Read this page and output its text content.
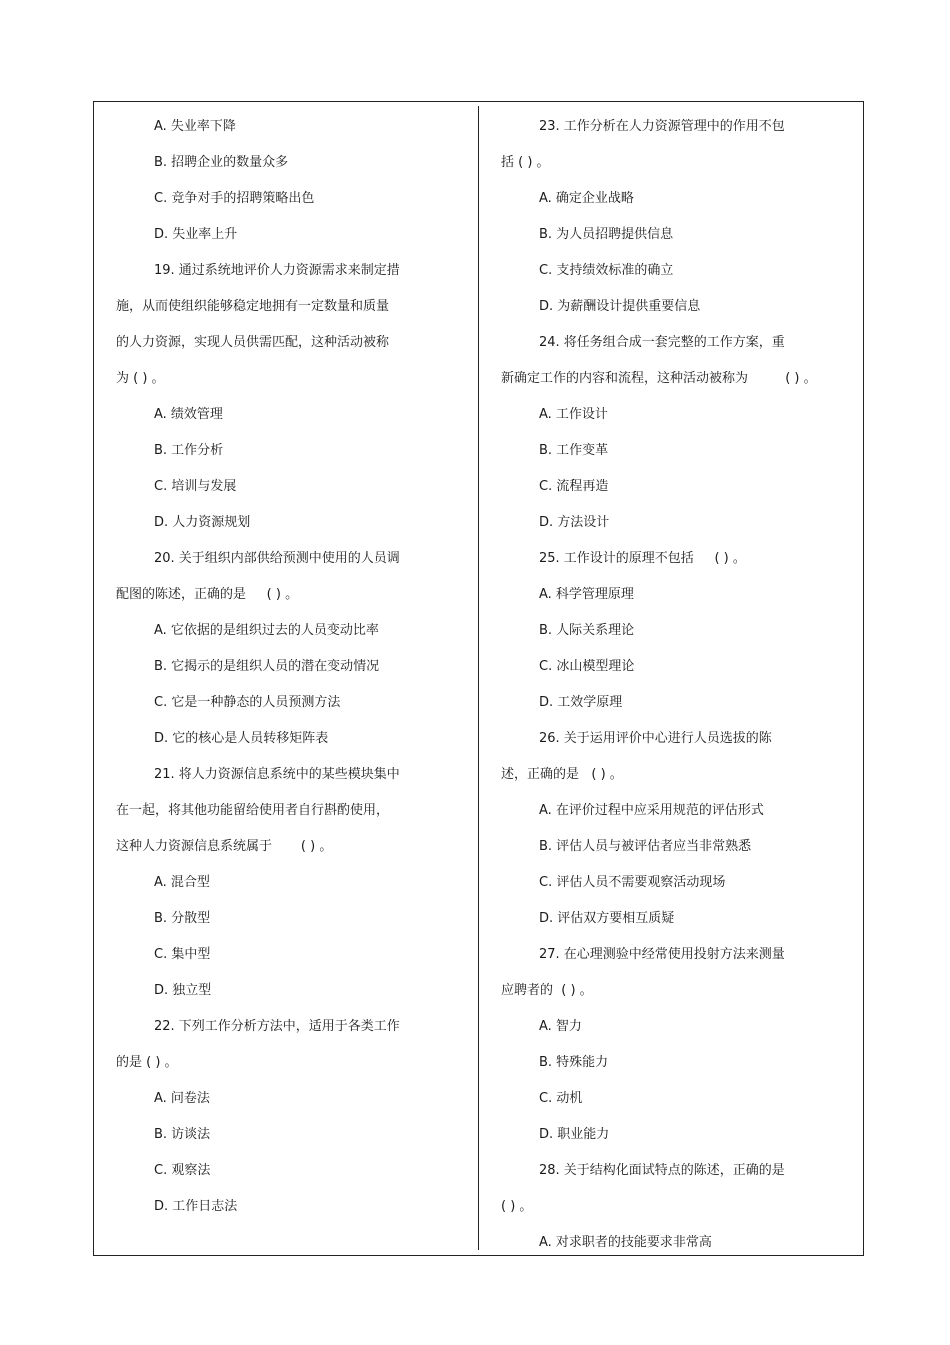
A. 失业率下降
B. 招聘企业的数量众多
C. 竞争对手的招聘策略出色
D. 失业率上升
19. 通过系统地评价人力资源需求来制定措
施，从而使组织能够稳定地拥有一定数量和质量
的人力资源，实现人员供需匹配，这种活动被称
为 ( ) 。
A. 绩效管理
B. 工作分析
C. 培训与发展
D. 人力资源规划
20. 关于组织内部供给预测中使用的人员调
配图的陈述，正确的是     ( ) 。
A. 它依据的是组织过去的人员变动比率
B. 它揭示的是组织人员的潜在变动情况
C. 它是一种静态的人员预测方法
D. 它的核心是人员转移矩阵表
21. 将人力资源信息系统中的某些模块集中
在一起，将其他功能留给使用者自行斟酌使用，
这种人力资源信息系统属于       ( ) 。
A. 混合型
B. 分散型
C. 集中型
D. 独立型
22. 下列工作分析方法中，适用于各类工作
的是 ( ) 。
A. 问卷法
B. 访谈法
C. 观察法
D. 工作日志法
23. 工作分析在人力资源管理中的作用不包
括 ( ) 。
A. 确定企业战略
B. 为人员招聘提供信息
C. 支持绩效标准的确立
D. 为薪酬设计提供重要信息
24. 将任务组合成一套完整的工作方案，重
新确定工作的内容和流程，这种活动被称为         ( ) 。
A. 工作设计
B. 工作变革
C. 流程再造
D. 方法设计
25. 工作设计的原理不包括     ( ) 。
A. 科学管理原理
B. 人际关系理论
C. 冰山模型理论
D. 工效学原理
26. 关于运用评价中心进行人员选拔的陈
述，正确的是   ( ) 。
A. 在评价过程中应采用规范的评估形式
B. 评估人员与被评估者应当非常熟悉
C. 评估人员不需要观察活动现场
D. 评估双方要相互质疑
27. 在心理测验中经常使用投射方法来测量
应聘者的  ( ) 。
A. 智力
B. 特殊能力
C. 动机
D. 职业能力
28. 关于结构化面试特点的陈述，正确的是
( ) 。
A. 对求职者的技能要求非常高
